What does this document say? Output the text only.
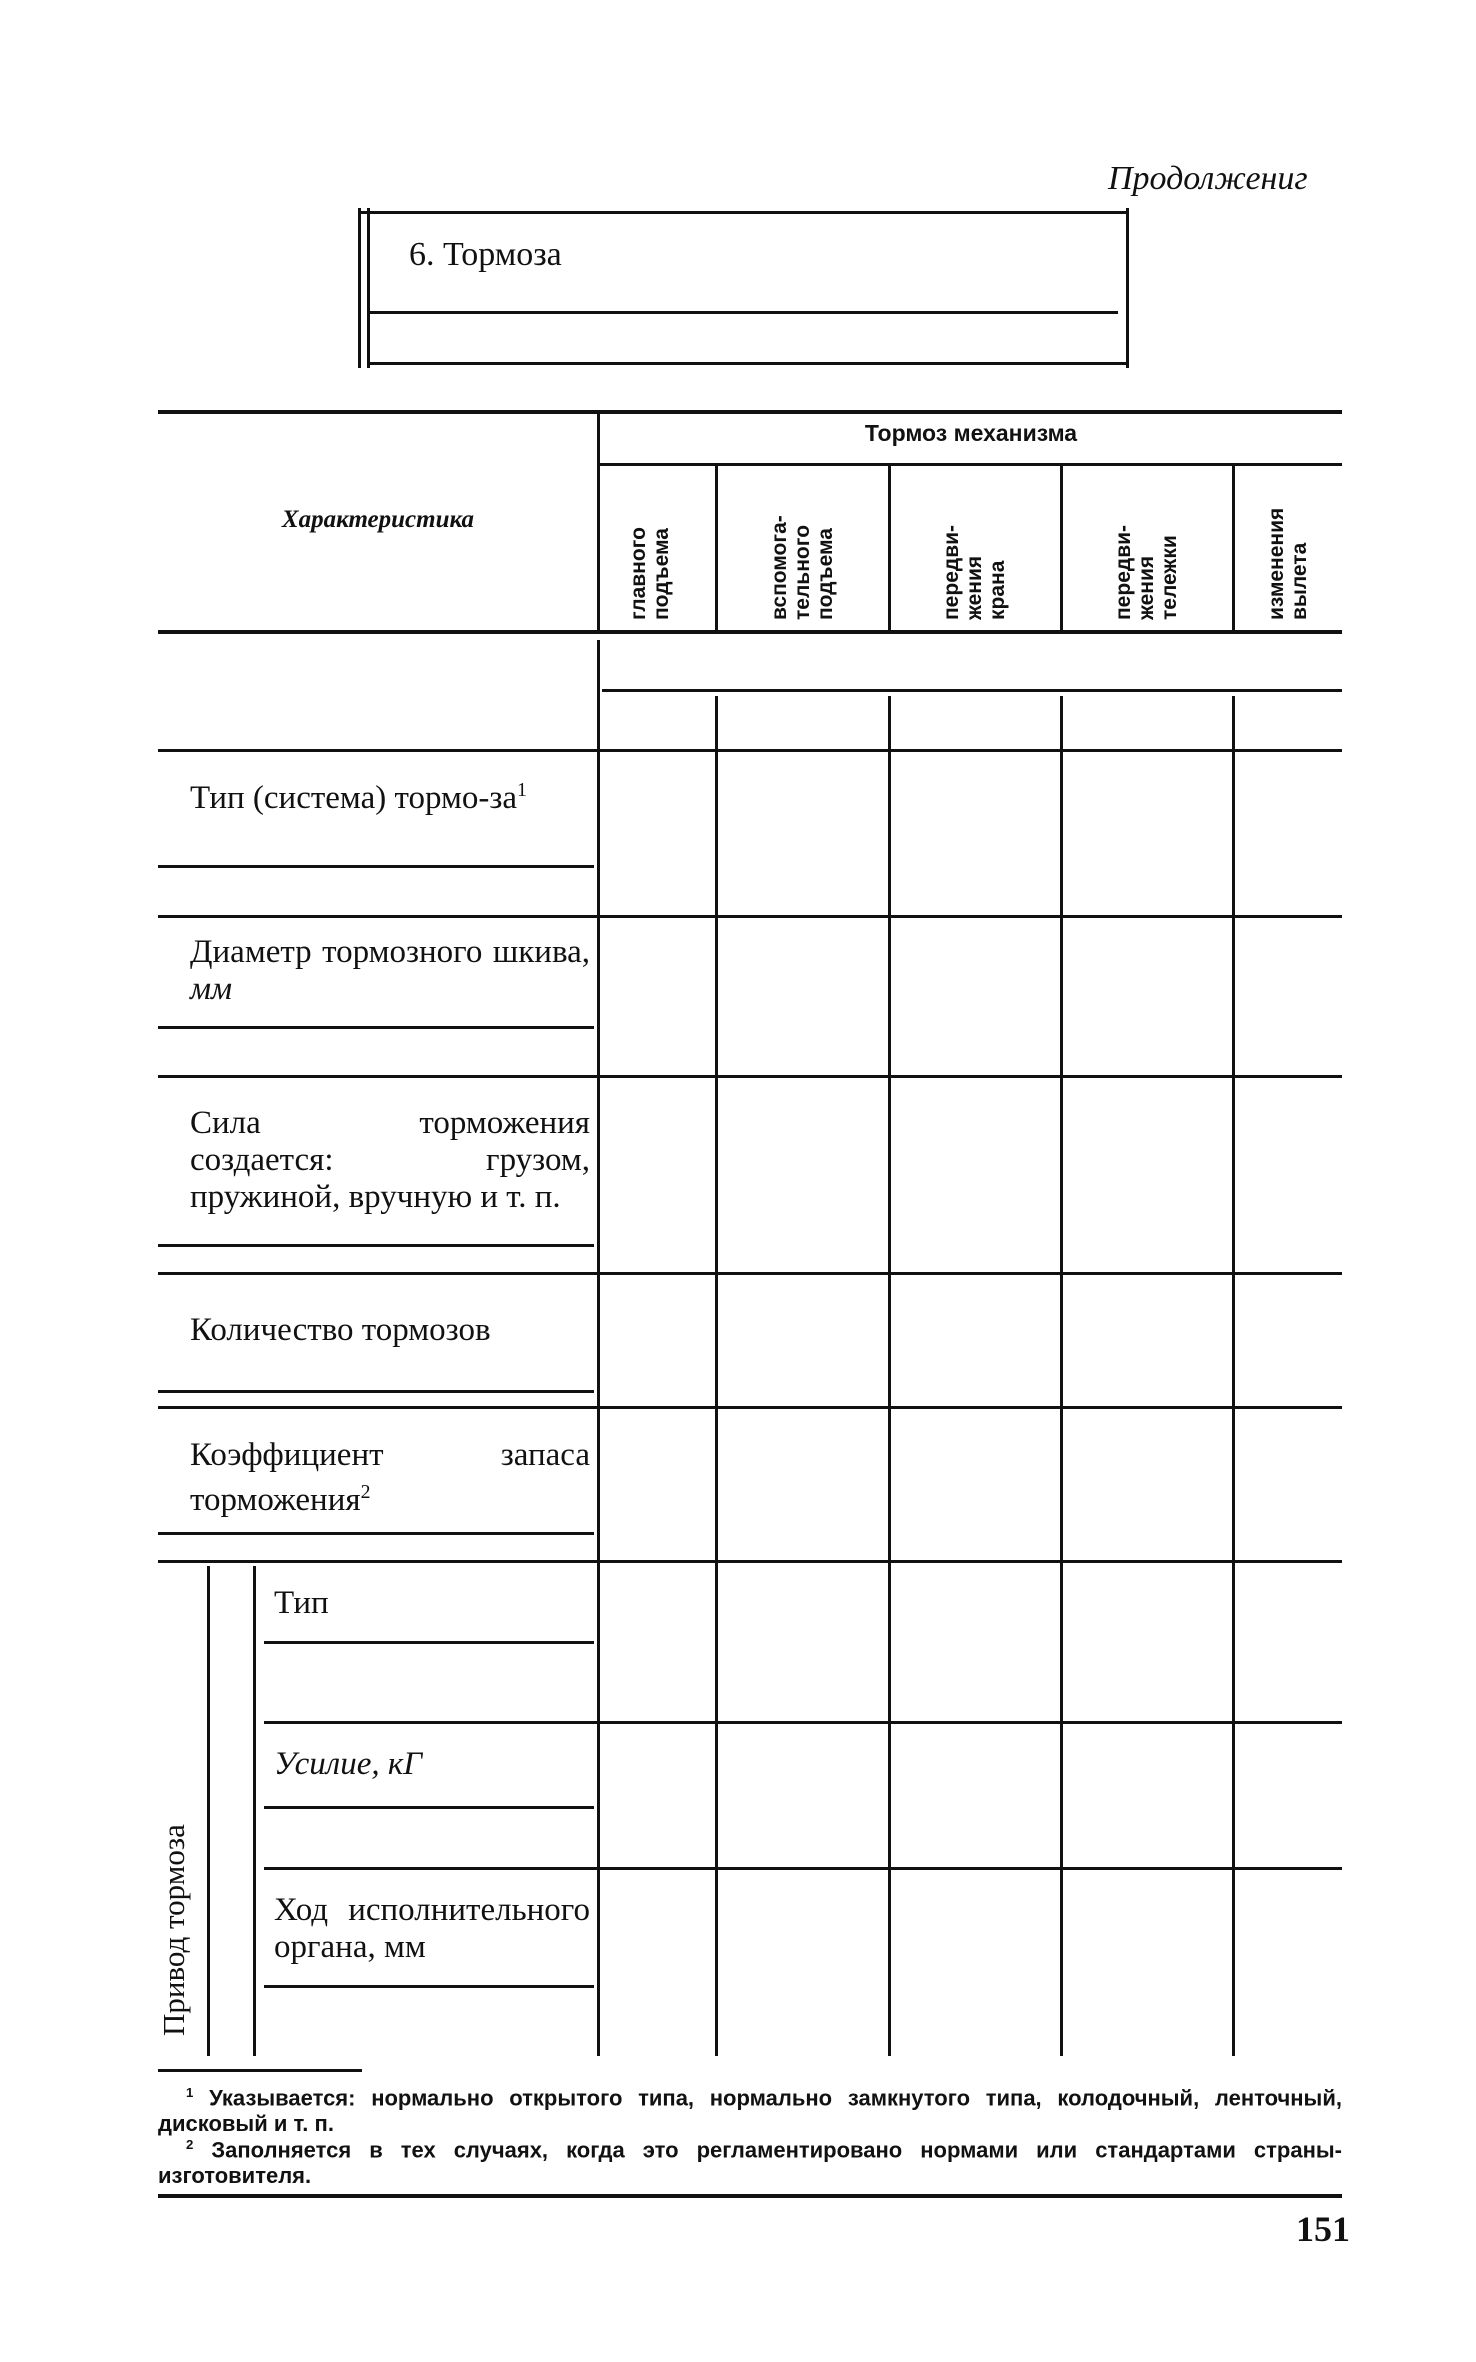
Продолжениг
6. Тормоза
Тормоз механизма
Характеристика
главного подъема	вспомога- тельного подъема	передви- жения крана	передви- жения тележки	изменения вылета
Тип (система) тормо-$за^1$
Диаметр тормозного шкива, мм
Сила торможения создается: грузом, пружиной, вручную и т. п.
Количество тормозов
Коэффициент запаса торможения$^2$
Привод тормоза
Тип
Усилие, кГ
Ход исполнительного органа, мм
$^1$ Указывается: нормально открытого типа, нормально замкнутого типа, колодочный, ленточный, дисковый и т. п.
$^2$ Заполняется в тех случаях, когда это регламентировано нормами или стандартами страны-изготовителя.
151
